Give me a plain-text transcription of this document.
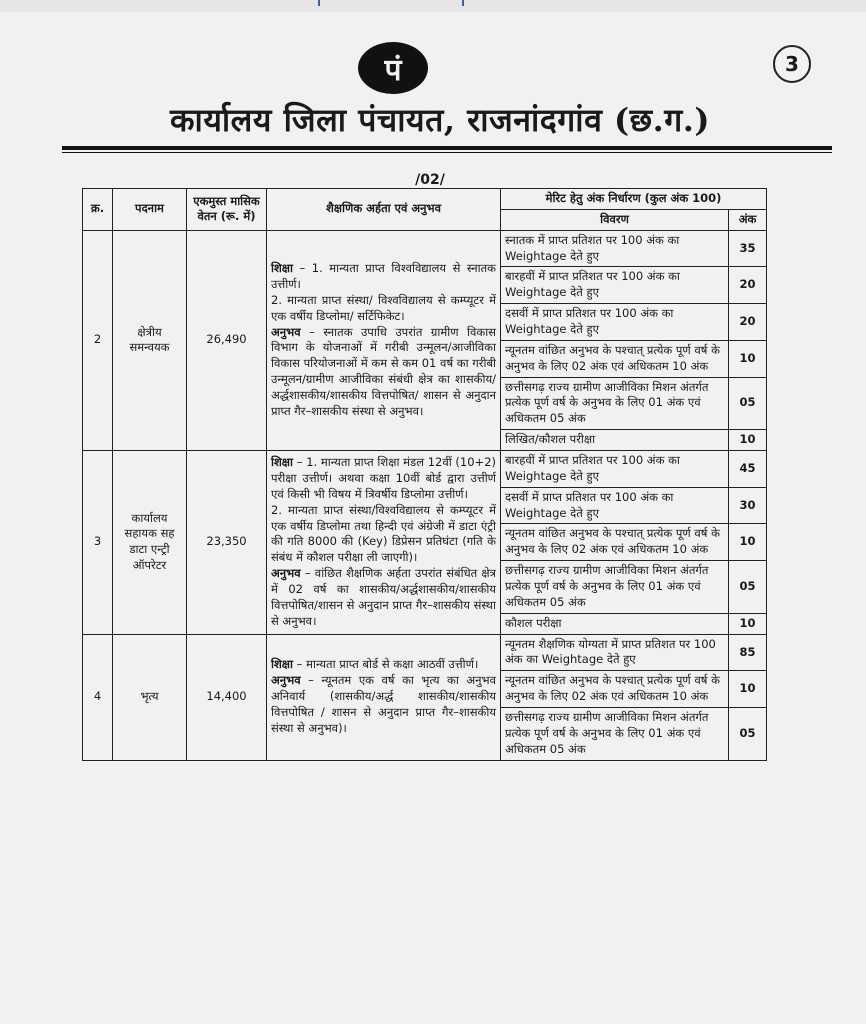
पं	3
कार्यालय जिला पंचायत, राजनांदगांव (छ.ग.)
/02/
क्र.	पदनाम	एकमुस्त मासिक वेतन (रू. में)	शैक्षणिक अर्हता एवं अनुभव	मेरिट हेतु अंक निर्धारण (कुल अंक 100)	
				विवरण	अंक
2	क्षेत्रीय समन्वयक	26,490	शिक्षा – 1. मान्यता प्राप्त विश्वविद्यालय से स्नातक उत्तीर्ण।
2. मान्यता प्राप्त संस्था/ विश्वविद्यालय से कम्प्यूटर में एक वर्षीय डिप्लोमा/ सर्टिफिकेट।
अनुभव – स्नातक उपाधि उपरांत ग्रामीण विकास विभाग के योजनाओं में गरीबी उन्मूलन/आजीविका विकास परियोजनाओं में कम से कम 01 वर्ष का गरीबी उन्मूलन/ग्रामीण आजीविका संबंधी क्षेत्र का शासकीय/ अर्द्धशासकीय/शासकीय वित्तपोषित/ शासन से अनुदान प्राप्त गैर–शासकीय संस्था से अनुभव।	स्नातक में प्राप्त प्रतिशत पर 100 अंक का Weightage देते हुए	35
				बारहवीं में प्राप्त प्रतिशत पर 100 अंक का Weightage देते हुए	20
				दसवीं में प्राप्त प्रतिशत पर 100 अंक का Weightage देते हुए	20
				न्यूनतम वांछित अनुभव के पश्चात् प्रत्येक पूर्ण वर्ष के अनुभव के लिए 02 अंक एवं अधिकतम 10 अंक	10
				छत्तीसगढ़ राज्य ग्रामीण आजीविका मिशन अंतर्गत प्रत्येक पूर्ण वर्ष के अनुभव के लिए 01 अंक एवं अधिकतम 05 अंक	05
				लिखित/कौशल परीक्षा	10
3	कार्यालय सहायक सह डाटा एन्ट्री ऑपरेटर	23,350	शिक्षा – 1. मान्यता प्राप्त शिक्षा मंडल 12वीं (10+2) परीक्षा उत्तीर्ण। अथवा कक्षा 10वीं बोर्ड द्वारा उत्तीर्ण एवं किसी भी विषय में त्रिवर्षीय डिप्लोमा उत्तीर्ण।
2. मान्यता प्राप्त संस्था/विश्वविद्यालय से कम्प्यूटर में एक वर्षीय डिप्लोमा तथा हिन्दी एवं अंग्रेजी में डाटा एंट्री की गति 8000 की (Key) डिप्रेसन प्रतिघंटा (गति के संबंध में कौशल परीक्षा ली जाएगी)।
अनुभव – वांछित शैक्षणिक अर्हता उपरांत संबंधित क्षेत्र में 02 वर्ष का शासकीय/अर्द्धशासकीय/शासकीय वित्तपोषित/शासन से अनुदान प्राप्त गैर–शासकीय संस्था से अनुभव।	बारहवीं में प्राप्त प्रतिशत पर 100 अंक का Weightage देते हुए	45
				दसवीं में प्राप्त प्रतिशत पर 100 अंक का Weightage देते हुए	30
				न्यूनतम वांछित अनुभव के पश्चात् प्रत्येक पूर्ण वर्ष के अनुभव के लिए 02 अंक एवं अधिकतम 10 अंक	10
				छत्तीसगढ़ राज्य ग्रामीण आजीविका मिशन अंतर्गत प्रत्येक पूर्ण वर्ष के अनुभव के लिए 01 अंक एवं अधिकतम 05 अंक	05
				कौशल परीक्षा	10
4	भृत्य	14,400	शिक्षा – मान्यता प्राप्त बोर्ड से कक्षा आठवीं उत्तीर्ण।
अनुभव – न्यूनतम एक वर्ष का भृत्य का अनुभव अनिवार्य (शासकीय/अर्द्ध शासकीय/शासकीय वित्तपोषित / शासन से अनुदान प्राप्त गैर–शासकीय संस्था से अनुभव)।	न्यूनतम शैक्षणिक योग्यता में प्राप्त प्रतिशत पर 100 अंक का Weightage देते हुए	85
				न्यूनतम वांछित अनुभव के पश्चात् प्रत्येक पूर्ण वर्ष के अनुभव के लिए 02 अंक एवं अधिकतम 10 अंक	10
				छत्तीसगढ़ राज्य ग्रामीण आजीविका मिशन अंतर्गत प्रत्येक पूर्ण वर्ष के अनुभव के लिए 01 अंक एवं अधिकतम 05 अंक	05
